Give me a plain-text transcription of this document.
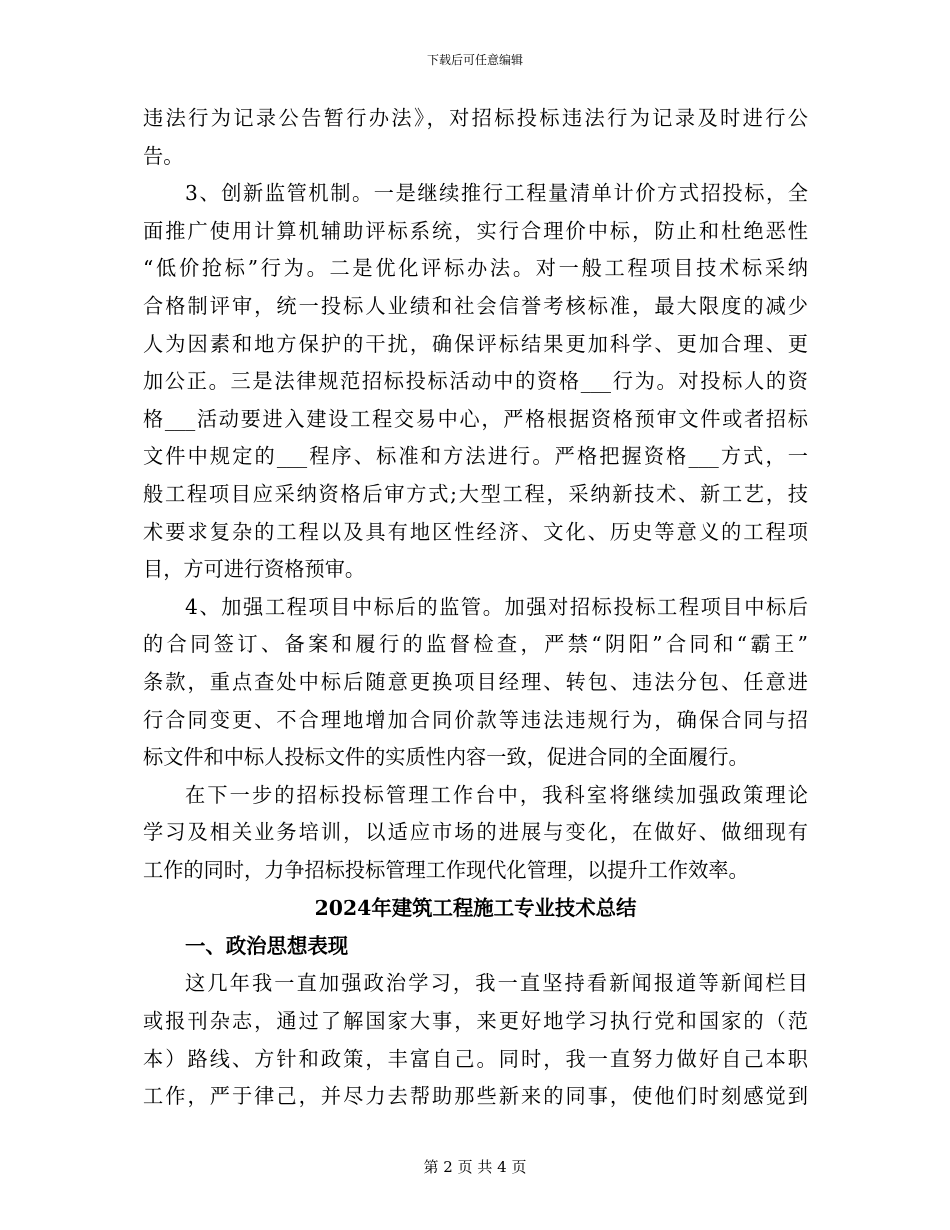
下载后可任意编辑
违法行为记录公告暂行办法》，对招标投标违法行为记录及时进行公
告。
3、创新监管机制。一是继续推行工程量清单计价方式招投标，全
面推广使用计算机辅助评标系统，实行合理价中标，防止和杜绝恶性
“低价抢标”行为。二是优化评标办法。对一般工程项目技术标采纳
合格制评审，统一投标人业绩和社会信誉考核标准，最大限度的减少
人为因素和地方保护的干扰，确保评标结果更加科学、更加合理、更
加公正。三是法律规范招标投标活动中的资格___行为。对投标人的资
格___活动要进入建设工程交易中心，严格根据资格预审文件或者招标
文件中规定的___程序、标准和方法进行。严格把握资格___方式，一
般工程项目应采纳资格后审方式;大型工程，采纳新技术、新工艺，技
术要求复杂的工程以及具有地区性经济、文化、历史等意义的工程项
目，方可进行资格预审。
4、加强工程项目中标后的监管。加强对招标投标工程项目中标后
的合同签订、备案和履行的监督检查，严禁“阴阳”合同和“霸王”
条款，重点查处中标后随意更换项目经理、转包、违法分包、任意进
行合同变更、不合理地增加合同价款等违法违规行为，确保合同与招
标文件和中标人投标文件的实质性内容一致，促进合同的全面履行。
在下一步的招标投标管理工作台中，我科室将继续加强政策理论
学习及相关业务培训，以适应市场的进展与变化，在做好、做细现有
工作的同时，力争招标投标管理工作现代化管理，以提升工作效率。
2024年建筑工程施工专业技术总结
一、政治思想表现
这几年我一直加强政治学习，我一直坚持看新闻报道等新闻栏目
或报刊杂志，通过了解国家大事，来更好地学习执行党和国家的（范
本）路线、方针和政策，丰富自己。同时，我一直努力做好自己本职
工作，严于律己，并尽力去帮助那些新来的同事，使他们时刻感觉到
第 2 页 共 4 页
